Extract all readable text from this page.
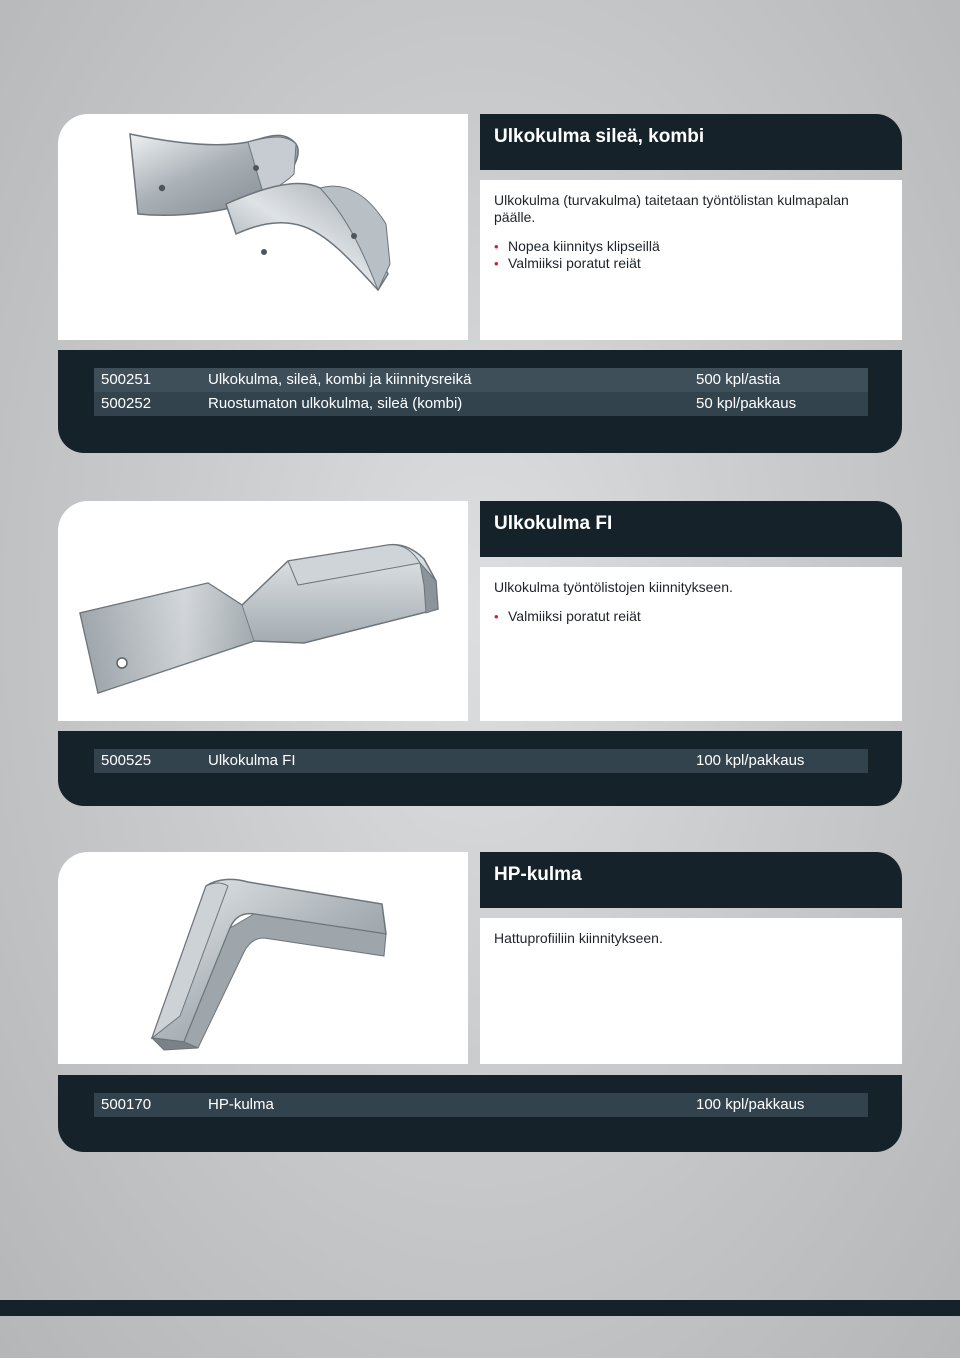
Ulkokulma sileä, kombi

Ulkokulma (turvakulma) taitetaan työntölistan kulmapalan päälle.

• Nopea kiinnitys klipseillä
• Valmiiksi poratut reiät
500251	Ulkokulma, sileä, kombi ja kiinnitysreikä	500 kpl/astia
500252	Ruostumaton ulkokulma, sileä (kombi)	50 kpl/pakkaus
Ulkokulma FI

Ulkokulma työntölistojen kiinnitykseen.

• Valmiiksi poratut reiät
500525	Ulkokulma FI	100 kpl/pakkaus
HP-kulma

Hattuprofiiliin kiinnitykseen.

500170	HP-kulma	100 kpl/pakkaus
